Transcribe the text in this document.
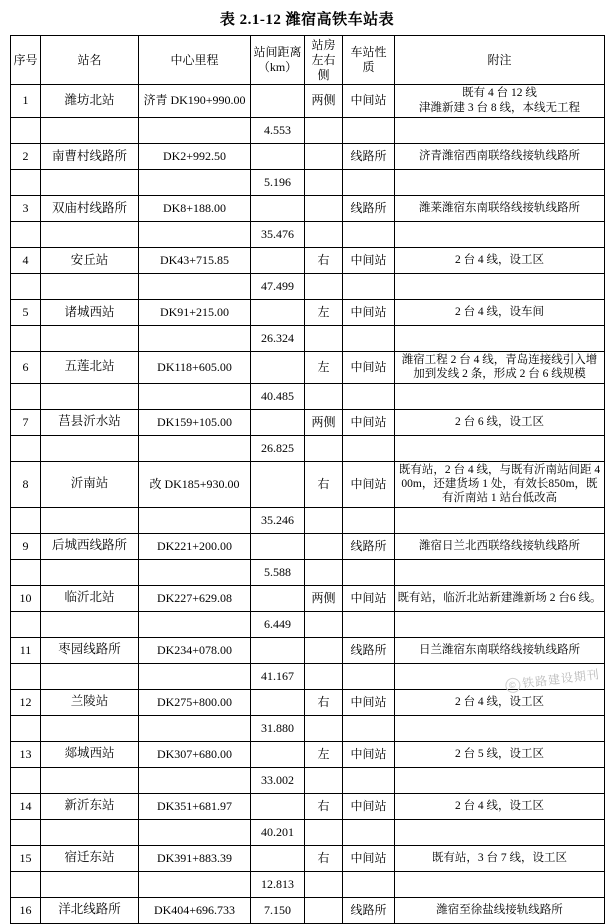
表 2.1-12 潍宿高铁车站表
序号	站名	中心里程	站间距离（km）	站房左右侧	车站性质	附注
1	潍坊北站	济青 DK190+990.00		两侧	中间站	既有 4 台 12 线
津潍新建 3 台 8 线，本线无工程
			4.553			
2	南曹村线路所	DK2+992.50			线路所	济青潍宿西南联络线接轨线路所
			5.196			
3	双庙村线路所	DK8+188.00			线路所	潍莱潍宿东南联络线接轨线路所
			35.476			
4	安丘站	DK43+715.85		右	中间站	2 台 4 线，设工区
			47.499			
5	诸城西站	DK91+215.00		左	中间站	2 台 4 线，设车间
			26.324			
6	五莲北站	DK118+605.00		左	中间站	潍宿工程 2 台 4 线，青岛连接线引入增加到发线 2 条，形成 2 台 6 线规模
			40.485			
7	莒县沂水站	DK159+105.00		两侧	中间站	2 台 6 线，设工区
			26.825			
8	沂南站	改 DK185+930.00		右	中间站	既有站，2 台 4 线，与既有沂南站间距 400m，还建货场 1 处，有效长850m，既有沂南站 1 站台低改高
			35.246			
9	后城西线路所	DK221+200.00			线路所	潍宿日兰北西联络线接轨线路所
			5.588			
10	临沂北站	DK227+629.08		两侧	中间站	既有站，临沂北站新建潍新场 2 台6 线。
			6.449			
11	枣园线路所	DK234+078.00			线路所	日兰潍宿东南联络线接轨线路所
			41.167			
12	兰陵站	DK275+800.00		右	中间站	2 台 4 线，设工区
			31.880			
13	郯城西站	DK307+680.00		左	中间站	2 台 5 线，设工区
			33.002			
14	新沂东站	DK351+681.97		右	中间站	2 台 4 线，设工区
			40.201			
15	宿迁东站	DK391+883.39		右	中间站	既有站，3 台 7 线，设工区
			12.813			
16	洋北线路所	DK404+696.733	7.150		线路所	潍宿至徐盐线接轨线路所
© 铁路建设期刊
